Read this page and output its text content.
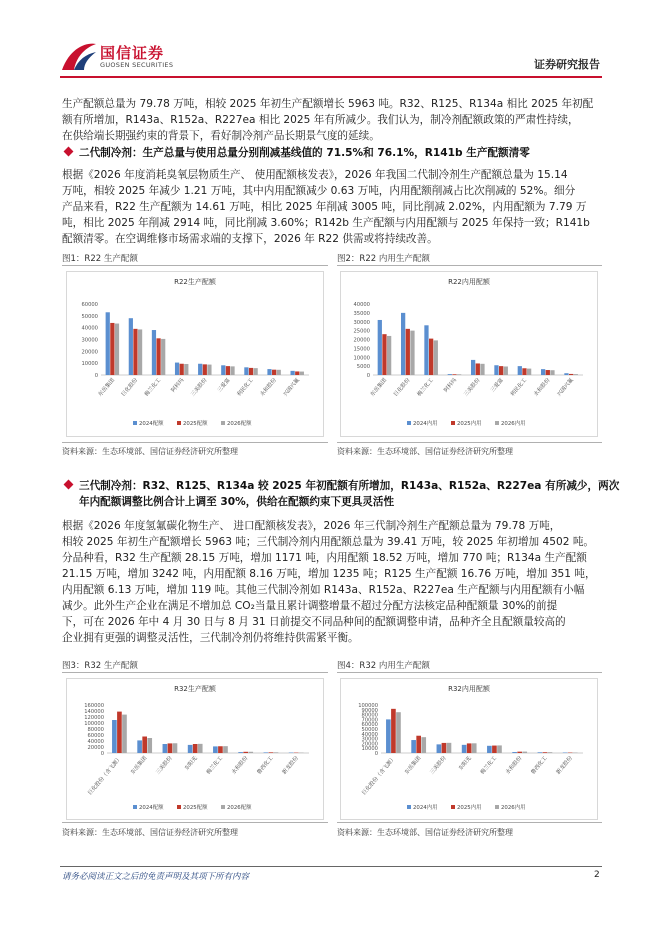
国信证券
GUOSEN SECURITIES	证券研究报告
生产配额总量为 79.78 万吨，相较 2025 年初生产配额增长 5963 吨。R32、R125、R134a 相比 2025 年初配
额有所增加，R143a、R152a、R227ea 相比 2025 年有所减少。我们认为，制冷剂配额政策的严肃性持续，
在供给端长期强约束的背景下，看好制冷剂产品长期景气度的延续。
二代制冷剂：生产总量与使用总量分别削减基线值的 71.5%和 76.1%，R141b 生产配额清零
根据《2026 年度消耗臭氧层物质生产、 使用配额核发表》，2026 年我国二代制冷剂生产配额总量为 15.14
万吨，相较 2025 年减少 1.21 万吨，其中内用配额减少 0.63 万吨，内用配额削减占比次削减的 52%。细分
产品来看，R22 生产配额为 14.61 万吨，相比 2025 年削减 3005 吨，同比削减 2.02%，内用配额为 7.79 万
吨，相比 2025 年削减 2914 吨，同比削减 3.60%；R142b 生产配额与内用配额与 2025 年保持一致；R141b
配额清零。在空调维修市场需求端的支撑下，2026 年 R22 供需或将持续改善。
图1：R22 生产配额	图2：R22 内用生产配额
R22生产配额
0
10000
20000
30000
40000
50000
60000
东岳集团 巨化股份 梅兰化工 阿科玛 三美股份 三爱富 利民化工 永和股份 兴国兴氟
2024配额	2025配额	2026配额
R22内用配额
0
5000
10000
15000
20000
25000
30000
35000
40000
东岳集团 巨化股份 梅兰化工 阿科玛 三美股份 三爱富 利民化工 永和股份 兴国兴氟
2024内用	2025内用	2026内用
资料来源：生态环境部、国信证券经济研究所整理	资料来源：生态环境部、国信证券经济研究所整理
三代制冷剂：R32、R125、R134a 较 2025 年初配额有所增加，R143a、R152a、R227ea 有所减少，两次
年内配额调整比例合计上调至 30%，供给在配额约束下更具灵活性
根据《2026 年度氢氟碳化物生产、 进口配额核发表》，2026 年三代制冷剂生产配额总量为 79.78 万吨，
相较 2025 年初生产配额增长 5963 吨；三代制冷剂内用配额总量为 39.41 万吨，较 2025 年初增加 4502 吨。
分品种看，R32 生产配额 28.15 万吨，增加 1171 吨，内用配额 18.52 万吨，增加 770 吨；R134a 生产配额
21.15 万吨，增加 3242 吨，内用配额 8.16 万吨，增加 1235 吨；R125 生产配额 16.76 万吨，增加 351 吨，
内用配额 6.13 万吨，增加 119 吨。其他三代制冷剂如 R143a、R152a、R227ea 生产配额与内用配额有小幅
减少。此外生产企业在满足不增加总 CO₂当量且累计调整增量不超过分配方法核定品种配额量 30%的前提
下，可在 2026 年中 4 月 30 日与 8 月 31 日前提交不同品种间的配额调整申请，品种齐全且配额量较高的
企业拥有更强的调整灵活性，三代制冷剂仍将维持供需紧平衡。
图3：R32 生产配额	图4：R32 内用生产配额
R32生产配额
0
20000
40000
60000
80000
100000
120000
140000
160000
巨化股份（含飞源） 东岳集团 三美股份 东阳光 梅兰化工 永和股份 鲁西化工 新龙股份
2024配额	2025配额	2026配额
R32内用配额
0
10000
20000
30000
40000
50000
60000
70000
80000
90000
100000
巨化股份（含飞源） 东岳集团 三美股份 东阳光 梅兰化工 永和股份 鲁西化工 新龙股份
2024内用	2025内用	2026内用
资料来源：生态环境部、国信证券经济研究所整理	资料来源：生态环境部、国信证券经济研究所整理
请务必阅读正文之后的免责声明及其项下所有内容	2
